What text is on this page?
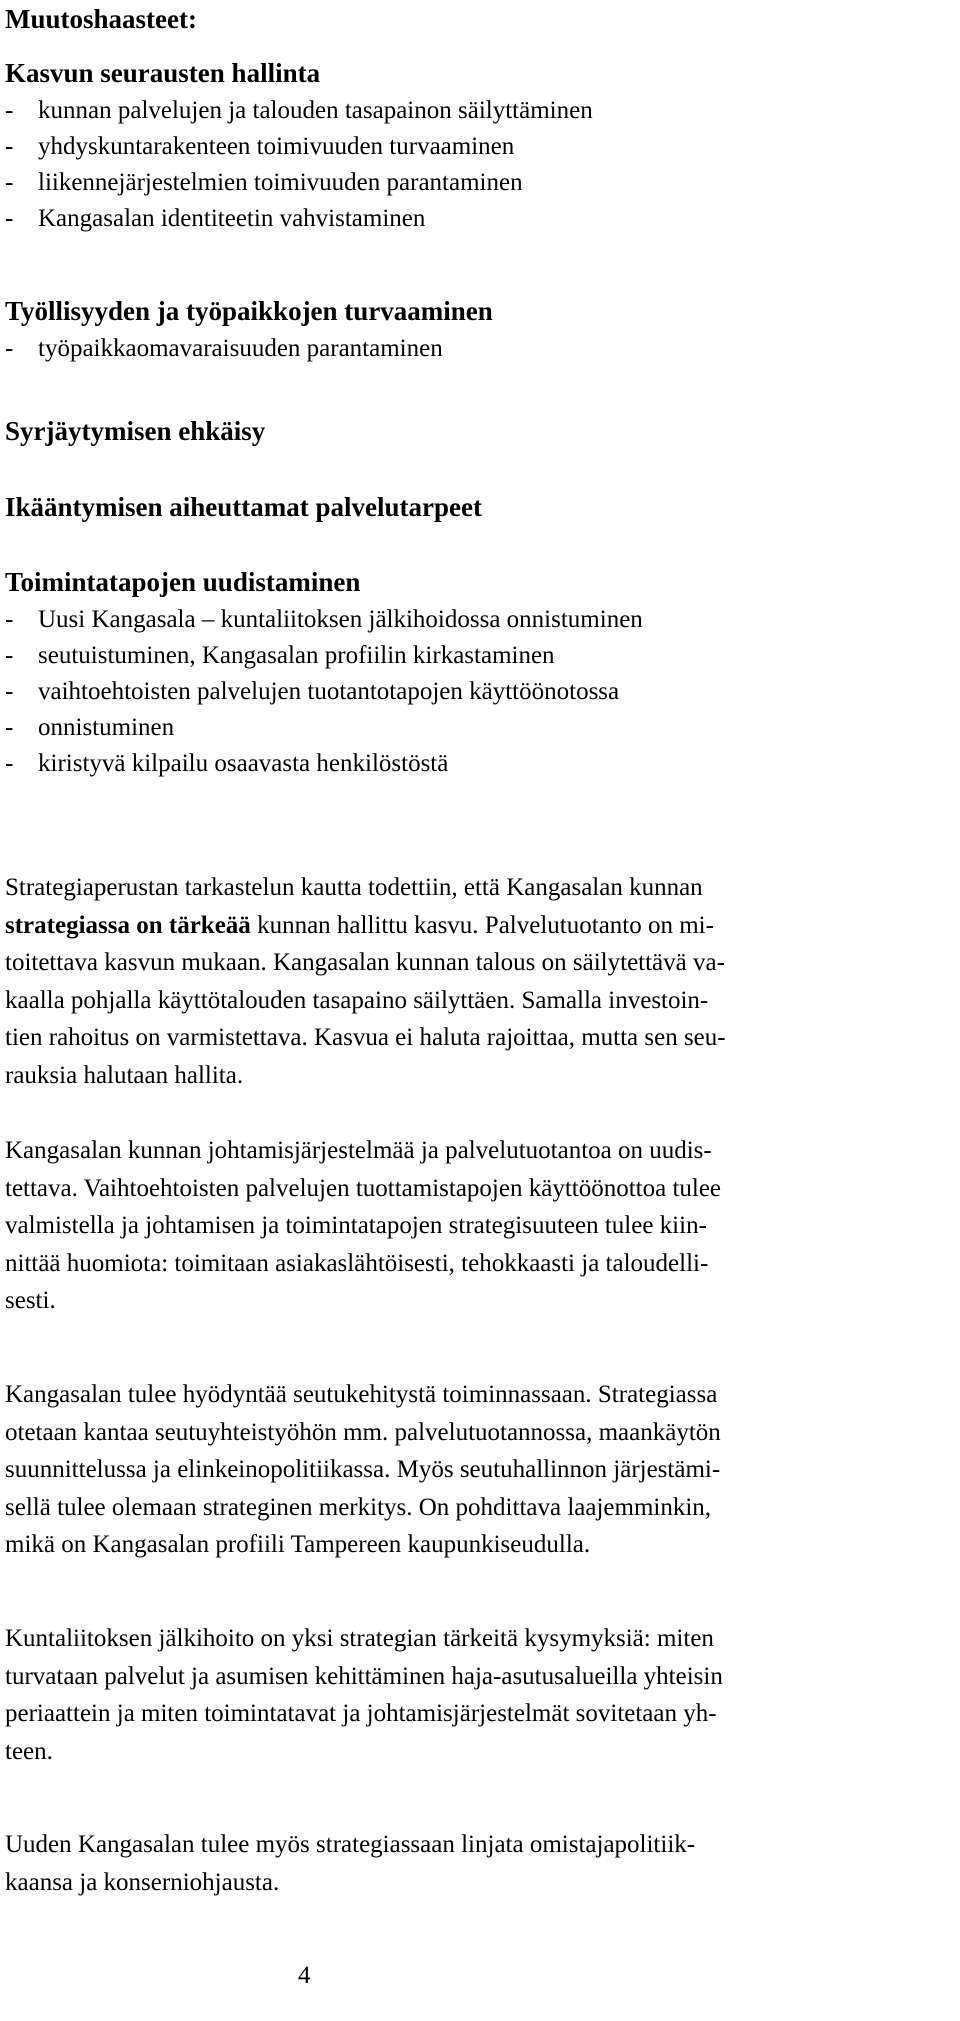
Muutoshaasteet:
Kasvun seurausten hallinta
- kunnan palvelujen ja talouden tasapainon säilyttäminen
- yhdyskuntarakenteen toimivuuden turvaaminen
- liikennejärjestelmien toimivuuden parantaminen
- Kangasalan identiteetin vahvistaminen
Työllisyyden ja työpaikkojen turvaaminen
- työpaikkaomavaraisuuden parantaminen
Syrjäytymisen ehkäisy
Ikääntymisen aiheuttamat palvelutarpeet
Toimintatapojen uudistaminen
- Uusi Kangasala – kuntaliitoksen jälkihoidossa onnistuminen
- seutuistuminen, Kangasalan profiilin kirkastaminen
- vaihtoehtoisten palvelujen tuotantotapojen käyttöönotossa
- onnistuminen
- kiristyvä kilpailu osaavasta henkilöstöstä
Strategiaperustan tarkastelun kautta todettiin, että Kangasalan kunnan
strategiassa on tärkeää kunnan hallittu kasvu. Palvelutuotanto on mi-
toitettava kasvun mukaan. Kangasalan kunnan talous on säilytettävä va-
kaalla pohjalla käyttötalouden tasapaino säilyttäen. Samalla investoin-
tien rahoitus on varmistettava. Kasvua ei haluta rajoittaa, mutta sen seu-
rauksia halutaan hallita.
Kangasalan kunnan johtamisjärjestelmää ja palvelutuotantoa on uudis-
tettava. Vaihtoehtoisten palvelujen tuottamistapojen käyttöönottoa tulee
valmistella ja johtamisen ja toimintatapojen strategisuuteen tulee kiin-
nittää huomiota: toimitaan asiakaslähtöisesti, tehokkaasti ja taloudelli-
sesti.
Kangasalan tulee hyödyntää seutukehitystä toiminnassaan. Strategiassa
otetaan kantaa seutuyhteistyöhön mm. palvelutuotannossa, maankäytön
suunnittelussa ja elinkeinopolitiikassa. Myös seutuhallinnon järjestämi-
sellä tulee olemaan strateginen merkitys. On pohdittava laajemminkin,
mikä on Kangasalan profiili Tampereen kaupunkiseudulla.
Kuntaliitoksen jälkihoito on yksi strategian tärkeitä kysymyksiä: miten
turvataan palvelut ja asumisen kehittäminen haja-asutusalueilla yhteisin
periaattein ja miten toimintatavat ja johtamisjärjestelmät sovitetaan yh-
teen.
Uuden Kangasalan tulee myös strategiassaan linjata omistajapolitiik-
kaansa ja konserniohjausta.

4
